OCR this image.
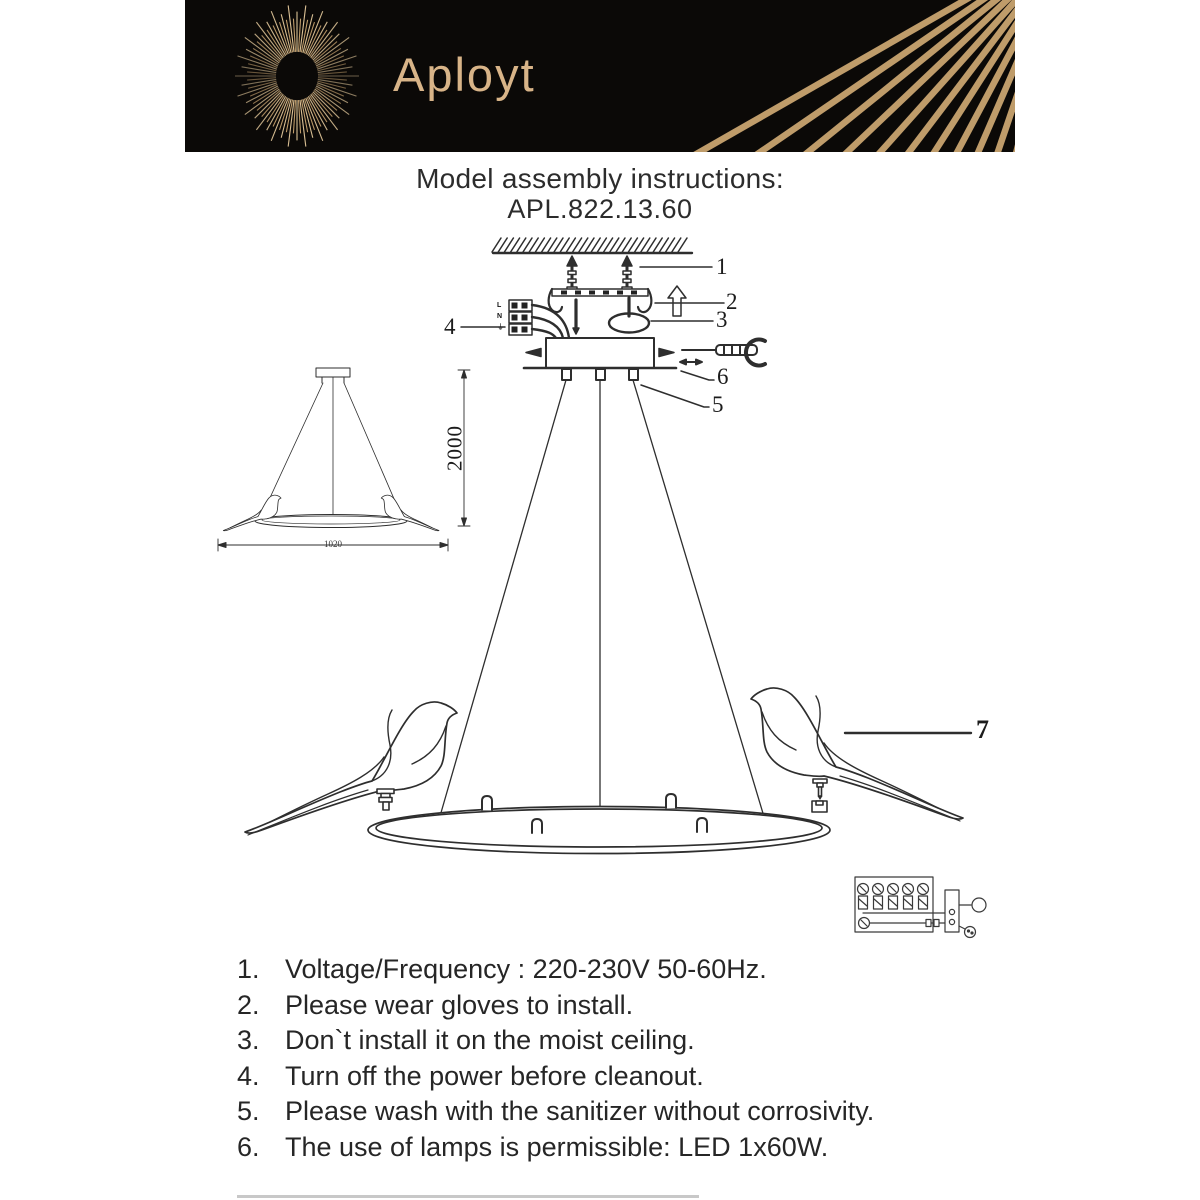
Aployt
Model assembly instructions:
APL.822.13.60
1
2
3
4
5
6
7
2000
1020
L
N
⏚
1. Voltage/Frequency : 220-230V 50-60Hz.
2. Please wear gloves to install.
3. Don`t install it on the moist ceiling.
4. Turn off the power before cleanout.
5. Please wash with the sanitizer without corrosivity.
6. The use of lamps is permissible: LED 1x60W.
